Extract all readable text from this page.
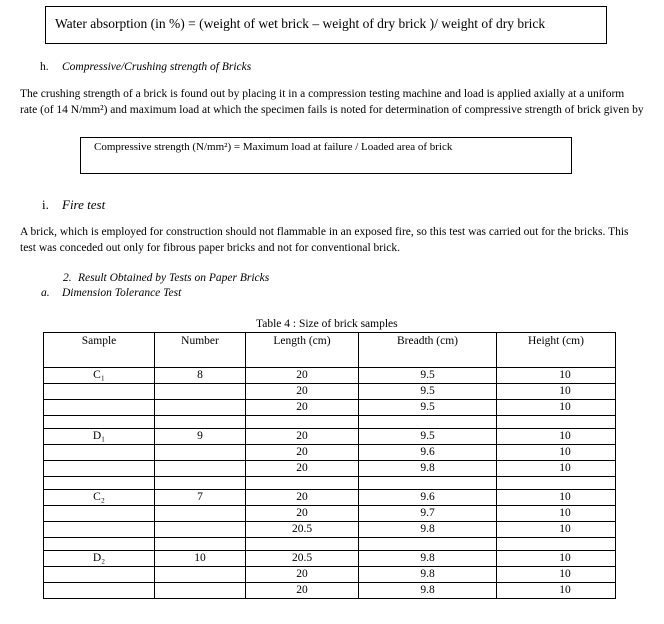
Water absorption (in %) = (weight of wet brick – weight of dry brick )/ weight of dry brick
h. Compressive/Crushing strength of Bricks
The crushing strength of a brick is found out by placing it in a compression testing machine and load is applied axially at a uniform rate (of 14 N/mm²) and maximum load at which the specimen fails is noted for determination of compressive strength of brick given by
Compressive strength (N/mm²) = Maximum load at failure / Loaded area of brick
i. Fire test
A brick, which is employed for construction should not flammable in an exposed fire, so this test was carried out for the bricks. This test was conceded out only for fibrous paper bricks and not for conventional brick.
2. Result Obtained by Tests on Paper Bricks
a. Dimension Tolerance Test
Table 4 : Size of brick samples
Sample	Number	Length (cm)	Breadth (cm)	Height (cm)
C₁	8	20	9.5	10
		20	9.5	10
		20	9.5	10

D₁	9	20	9.5	10
		20	9.6	10
		20	9.8	10

C₂	7	20	9.6	10
		20	9.7	10
		20.5	9.8	10

D₂	10	20.5	9.8	10
		20	9.8	10
		20	9.8	10
